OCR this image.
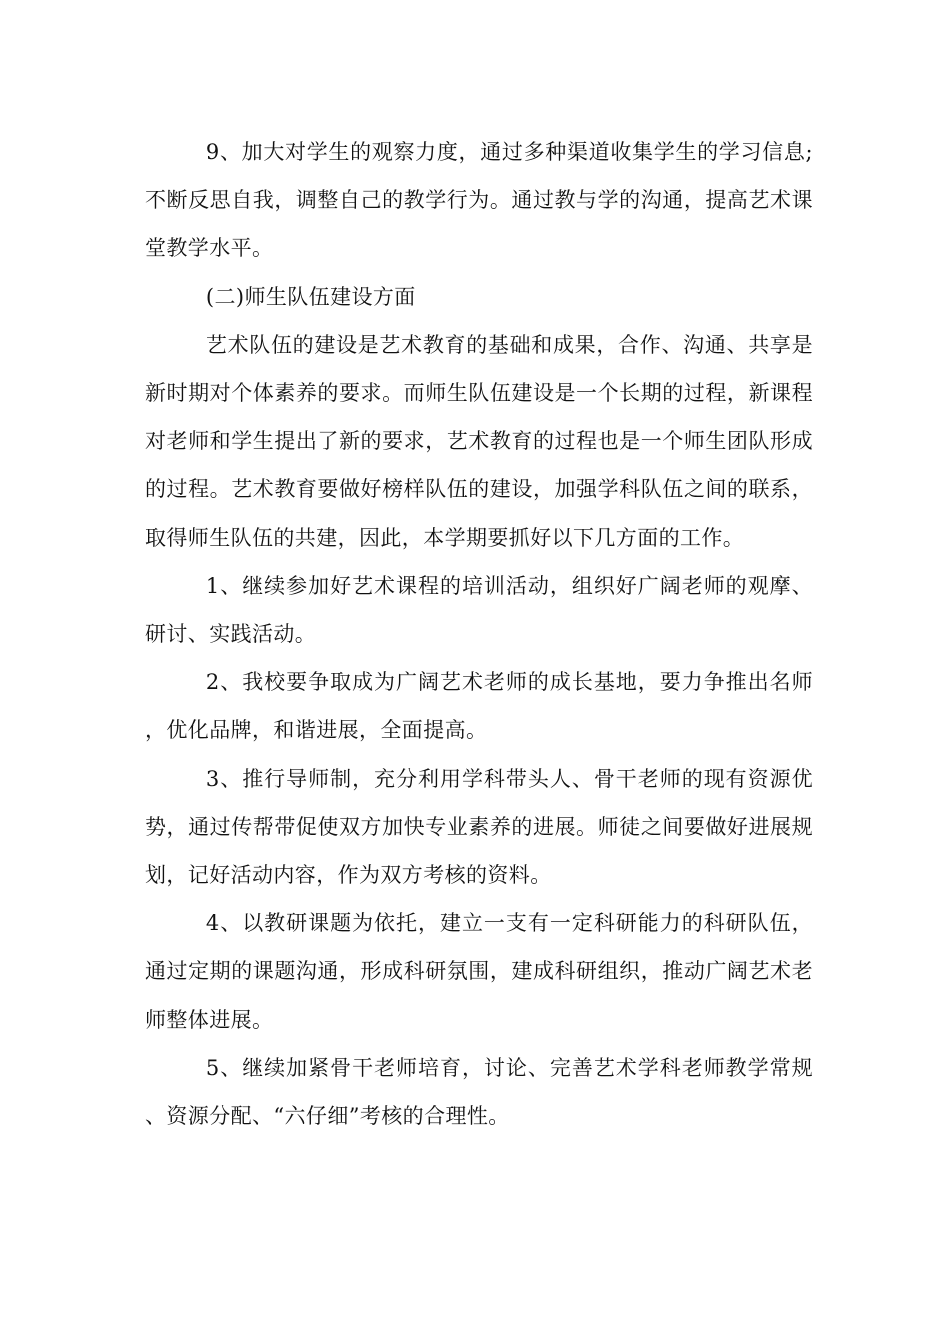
9、加大对学生的观察力度，通过多种渠道收集学生的学习信息;不断反思自我，调整自己的教学行为。通过教与学的沟通，提高艺术课堂教学水平。

(二)师生队伍建设方面

艺术队伍的建设是艺术教育的基础和成果，合作、沟通、共享是新时期对个体素养的要求。而师生队伍建设是一个长期的过程，新课程对老师和学生提出了新的要求，艺术教育的过程也是一个师生团队形成的过程。艺术教育要做好榜样队伍的建设，加强学科队伍之间的联系，取得师生队伍的共建，因此，本学期要抓好以下几方面的工作。

1、继续参加好艺术课程的培训活动，组织好广阔老师的观摩、研讨、实践活动。

2、我校要争取成为广阔艺术老师的成长基地，要力争推出名师，优化品牌，和谐进展，全面提高。

3、推行导师制，充分利用学科带头人、骨干老师的现有资源优势，通过传帮带促使双方加快专业素养的进展。师徒之间要做好进展规划，记好活动内容，作为双方考核的资料。

4、以教研课题为依托，建立一支有一定科研能力的科研队伍，通过定期的课题沟通，形成科研氛围，建成科研组织，推动广阔艺术老师整体进展。

5、继续加紧骨干老师培育，讨论、完善艺术学科老师教学常规、资源分配、“六仔细”考核的合理性。
